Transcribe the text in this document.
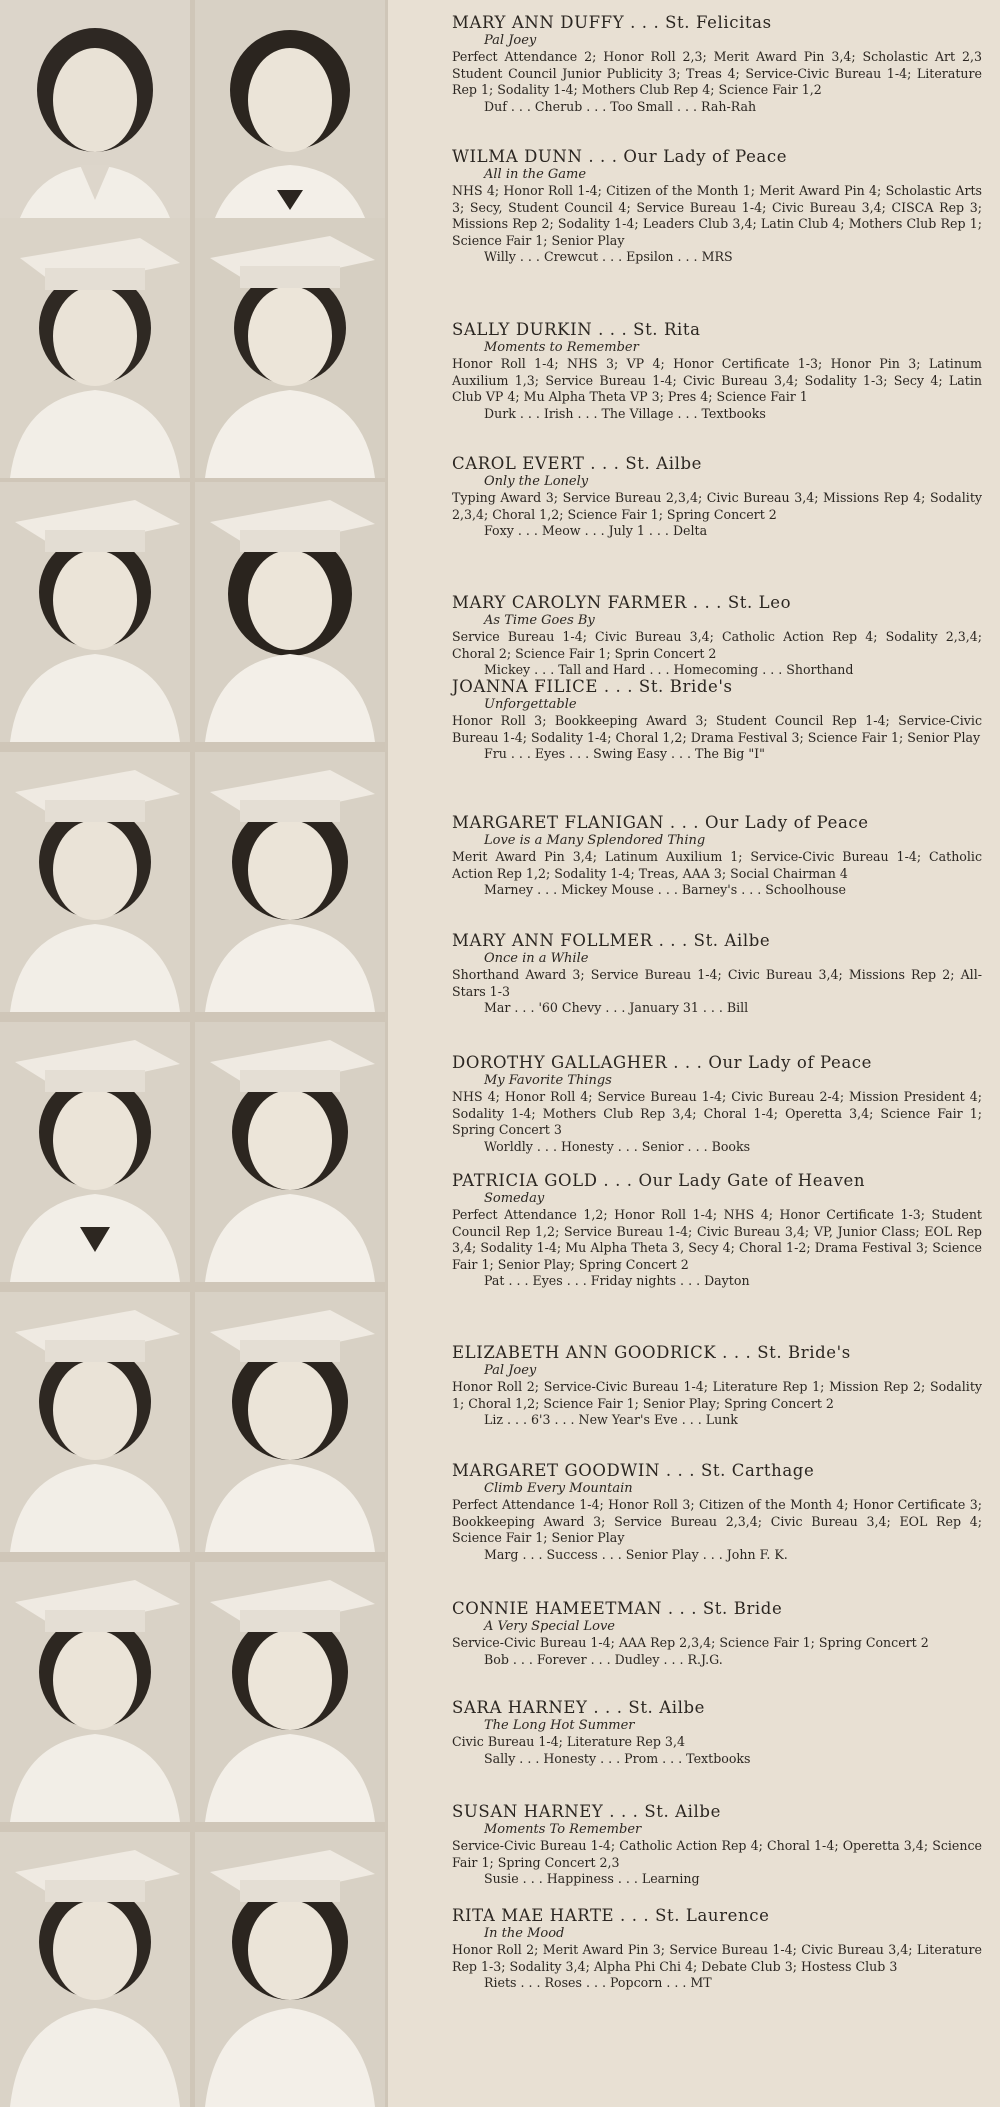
MARY ANN DUFFY . . . St. Felicitas
Pal Joey
Perfect Attendance 2; Honor Roll 2,3; Merit Award Pin 3,4; Scholastic Art 2,3 Student Council Junior Publicity 3; Treas 4; Service-Civic Bureau 1-4; Literature Rep 1; Sodality 1-4; Mothers Club Rep 4; Science Fair 1,2
Duf . . . Cherub . . . Too Small . . . Rah-Rah
WILMA DUNN . . . Our Lady of Peace
All in the Game
NHS 4; Honor Roll 1-4; Citizen of the Month 1; Merit Award Pin 4; Scholastic Arts 3; Secy, Student Council 4; Service Bureau 1-4; Civic Bureau 3,4; CISCA Rep 3; Missions Rep 2; Sodality 1-4; Leaders Club 3,4; Latin Club 4; Mothers Club Rep 1; Science Fair 1; Senior Play
Willy . . . Crewcut . . . Epsilon . . . MRS
SALLY DURKIN . . . St. Rita
Moments to Remember
Honor Roll 1-4; NHS 3; VP 4; Honor Certificate 1-3; Honor Pin 3; Latinum Auxilium 1,3; Service Bureau 1-4; Civic Bureau 3,4; Sodality 1-3; Secy 4; Latin Club VP 4; Mu Alpha Theta VP 3; Pres 4; Science Fair 1
Durk . . . Irish . . . The Village . . . Textbooks
CAROL EVERT . . . St. Ailbe
Only the Lonely
Typing Award 3; Service Bureau 2,3,4; Civic Bureau 3,4; Missions Rep 4; Sodality 2,3,4; Choral 1,2; Science Fair 1; Spring Concert 2
Foxy . . . Meow . . . July 1 . . . Delta
MARY CAROLYN FARMER . . . St. Leo
As Time Goes By
Service Bureau 1-4; Civic Bureau 3,4; Catholic Action Rep 4; Sodality 2,3,4; Choral 2; Science Fair 1; Sprin Concert 2
Mickey . . . Tall and Hard . . . Homecoming . . . Shorthand
JOANNA FILICE . . . St. Bride's
Unforgettable
Honor Roll 3; Bookkeeping Award 3; Student Council Rep 1-4; Service-Civic Bureau 1-4; Sodality 1-4; Choral 1,2; Drama Festival 3; Science Fair 1; Senior Play
Fru . . . Eyes . . . Swing Easy . . . The Big "I"
MARGARET FLANIGAN . . . Our Lady of Peace
Love is a Many Splendored Thing
Merit Award Pin 3,4; Latinum Auxilium 1; Service-Civic Bureau 1-4; Catholic Action Rep 1,2; Sodality 1-4; Treas, AAA 3; Social Chairman 4
Marney . . . Mickey Mouse . . . Barney's . . . Schoolhouse
MARY ANN FOLLMER . . . St. Ailbe
Once in a While
Shorthand Award 3; Service Bureau 1-4; Civic Bureau 3,4; Missions Rep 2; All-Stars 1-3
Mar . . . '60 Chevy . . . January 31 . . . Bill
DOROTHY GALLAGHER . . . Our Lady of Peace
My Favorite Things
NHS 4; Honor Roll 4; Service Bureau 1-4; Civic Bureau 2-4; Mission President 4; Sodality 1-4; Mothers Club Rep 3,4; Choral 1-4; Operetta 3,4; Science Fair 1; Spring Concert 3
Worldly . . . Honesty . . . Senior . . . Books
PATRICIA GOLD . . . Our Lady Gate of Heaven
Someday
Perfect Attendance 1,2; Honor Roll 1-4; NHS 4; Honor Certificate 1-3; Student Council Rep 1,2; Service Bureau 1-4; Civic Bureau 3,4; VP, Junior Class; EOL Rep 3,4; Sodality 1-4; Mu Alpha Theta 3, Secy 4; Choral 1-2; Drama Festival 3; Science Fair 1; Senior Play; Spring Concert 2
Pat . . . Eyes . . . Friday nights . . . Dayton
ELIZABETH ANN GOODRICK . . . St. Bride's
Pal Joey
Honor Roll 2; Service-Civic Bureau 1-4; Literature Rep 1; Mission Rep 2; Sodality 1; Choral 1,2; Science Fair 1; Senior Play; Spring Concert 2
Liz . . . 6'3 . . . New Year's Eve . . . Lunk
MARGARET GOODWIN . . . St. Carthage
Climb Every Mountain
Perfect Attendance 1-4; Honor Roll 3; Citizen of the Month 4; Honor Certificate 3; Bookkeeping Award 3; Service Bureau 2,3,4; Civic Bureau 3,4; EOL Rep 4; Science Fair 1; Senior Play
Marg . . . Success . . . Senior Play . . . John F. K.
CONNIE HAMEETMAN . . . St. Bride
A Very Special Love
Service-Civic Bureau 1-4; AAA Rep 2,3,4; Science Fair 1; Spring Concert 2
Bob . . . Forever . . . Dudley . . . R.J.G.
SARA HARNEY . . . St. Ailbe
The Long Hot Summer
Civic Bureau 1-4; Literature Rep 3,4
Sally . . . Honesty . . . Prom . . . Textbooks
SUSAN HARNEY . . . St. Ailbe
Moments To Remember
Service-Civic Bureau 1-4; Catholic Action Rep 4; Choral 1-4; Operetta 3,4; Science Fair 1; Spring Concert 2,3
Susie . . . Happiness . . . Learning
RITA MAE HARTE . . . St. Laurence
In the Mood
Honor Roll 2; Merit Award Pin 3; Service Bureau 1-4; Civic Bureau 3,4; Literature Rep 1-3; Sodality 3,4; Alpha Phi Chi 4; Debate Club 3; Hostess Club 3
Riets . . . Roses . . . Popcorn . . . MT
